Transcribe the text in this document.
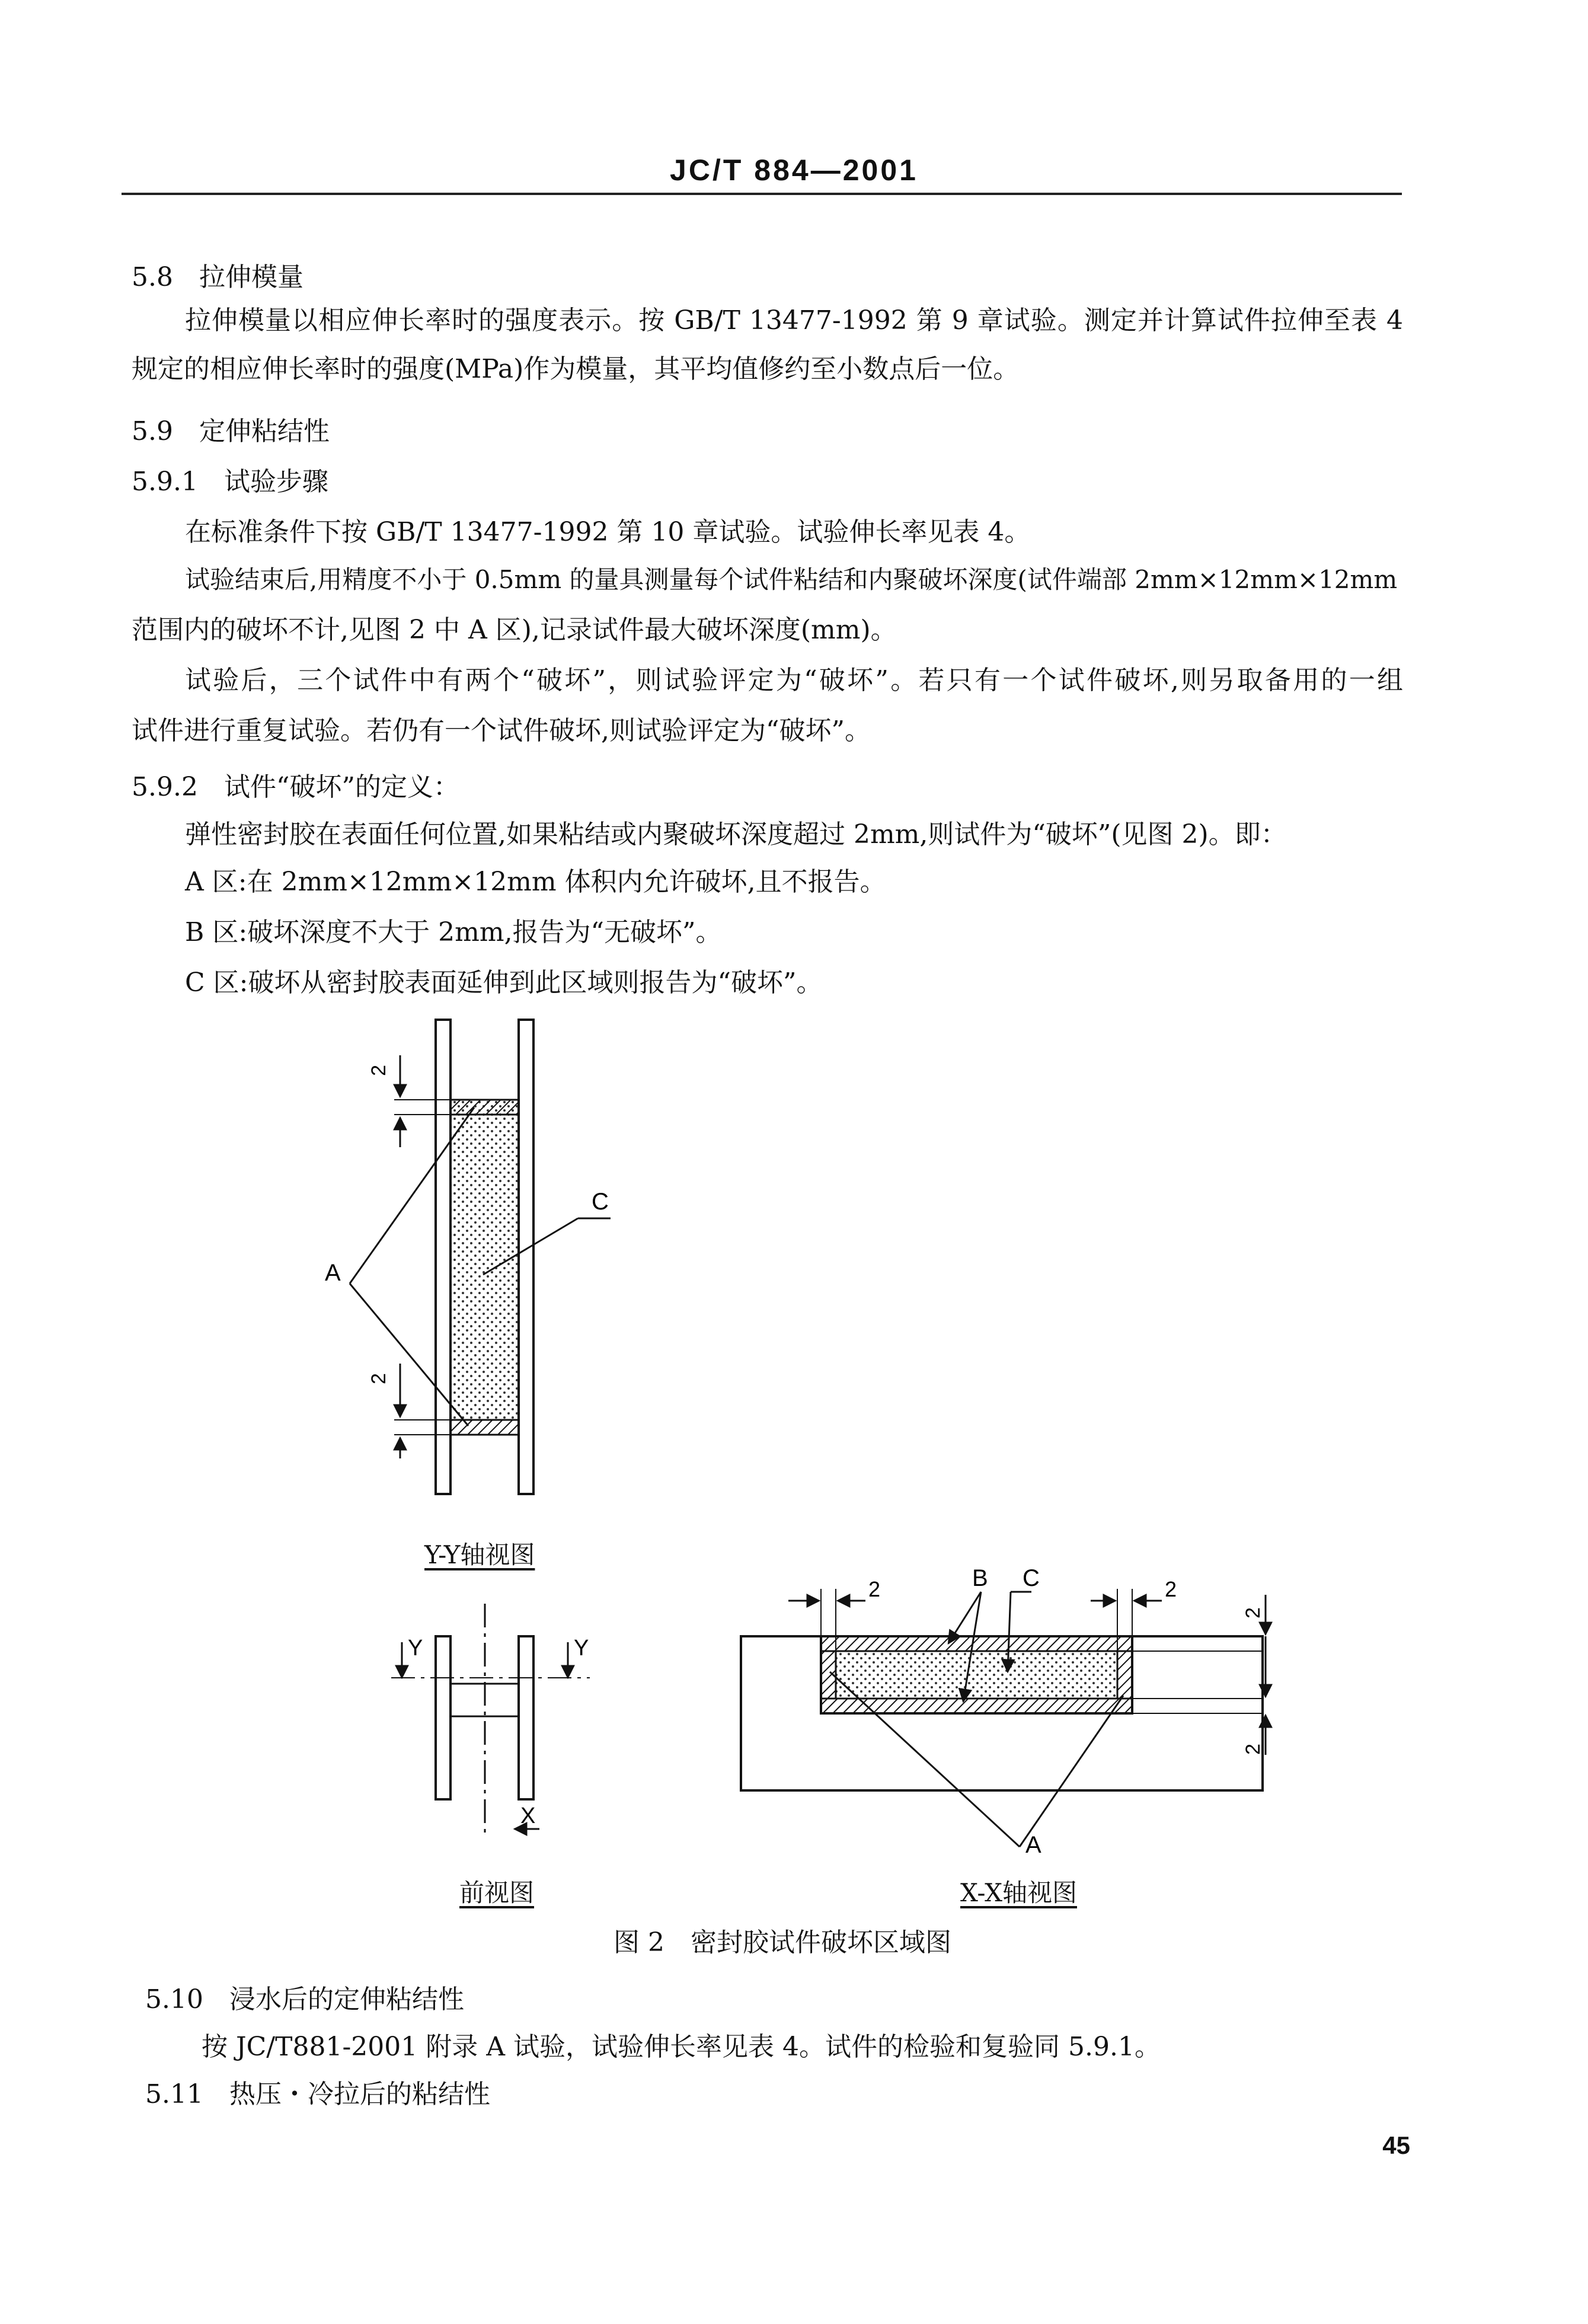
JC/T 884—2001
5.8　拉伸模量
拉伸模量以相应伸长率时的强度表示。按 GB/T 13477-1992 第 9 章试验。测定并计算试件拉伸至表 4
规定的相应伸长率时的强度(MPa)作为模量，其平均值修约至小数点后一位。
5.9　定伸粘结性
5.9.1　试验步骤
在标准条件下按 GB/T 13477-1992 第 10 章试验。试验伸长率见表 4。
试验结束后,用精度不小于 0.5mm 的量具测量每个试件粘结和内聚破坏深度(试件端部 2mm×12mm×12mm
范围内的破坏不计,见图 2 中 A 区),记录试件最大破坏深度(mm)。
试验后，三个试件中有两个“破坏”，则试验评定为“破坏”。若只有一个试件破坏,则另取备用的一组
试件进行重复试验。若仍有一个试件破坏,则试验评定为“破坏”。
5.9.2　试件“破坏”的定义：
弹性密封胶在表面任何位置,如果粘结或内聚破坏深度超过 2mm,则试件为“破坏”(见图 2)。即：
A 区:在 2mm×12mm×12mm 体积内允许破坏,且不报告。
B 区:破坏深度不大于 2mm,报告为“无破坏”。
C 区:破坏从密封胶表面延伸到此区域则报告为“破坏”。
2
2
A
C
Y	Y
X
2	2
2
2
B C
A
Y-Y轴视图
前视图	X-X轴视图
图 2　密封胶试件破坏区域图
5.10　浸水后的定伸粘结性
按 JC/T881-2001 附录 A 试验，试验伸长率见表 4。试件的检验和复验同 5.9.1。
5.11　热压・冷拉后的粘结性
45
